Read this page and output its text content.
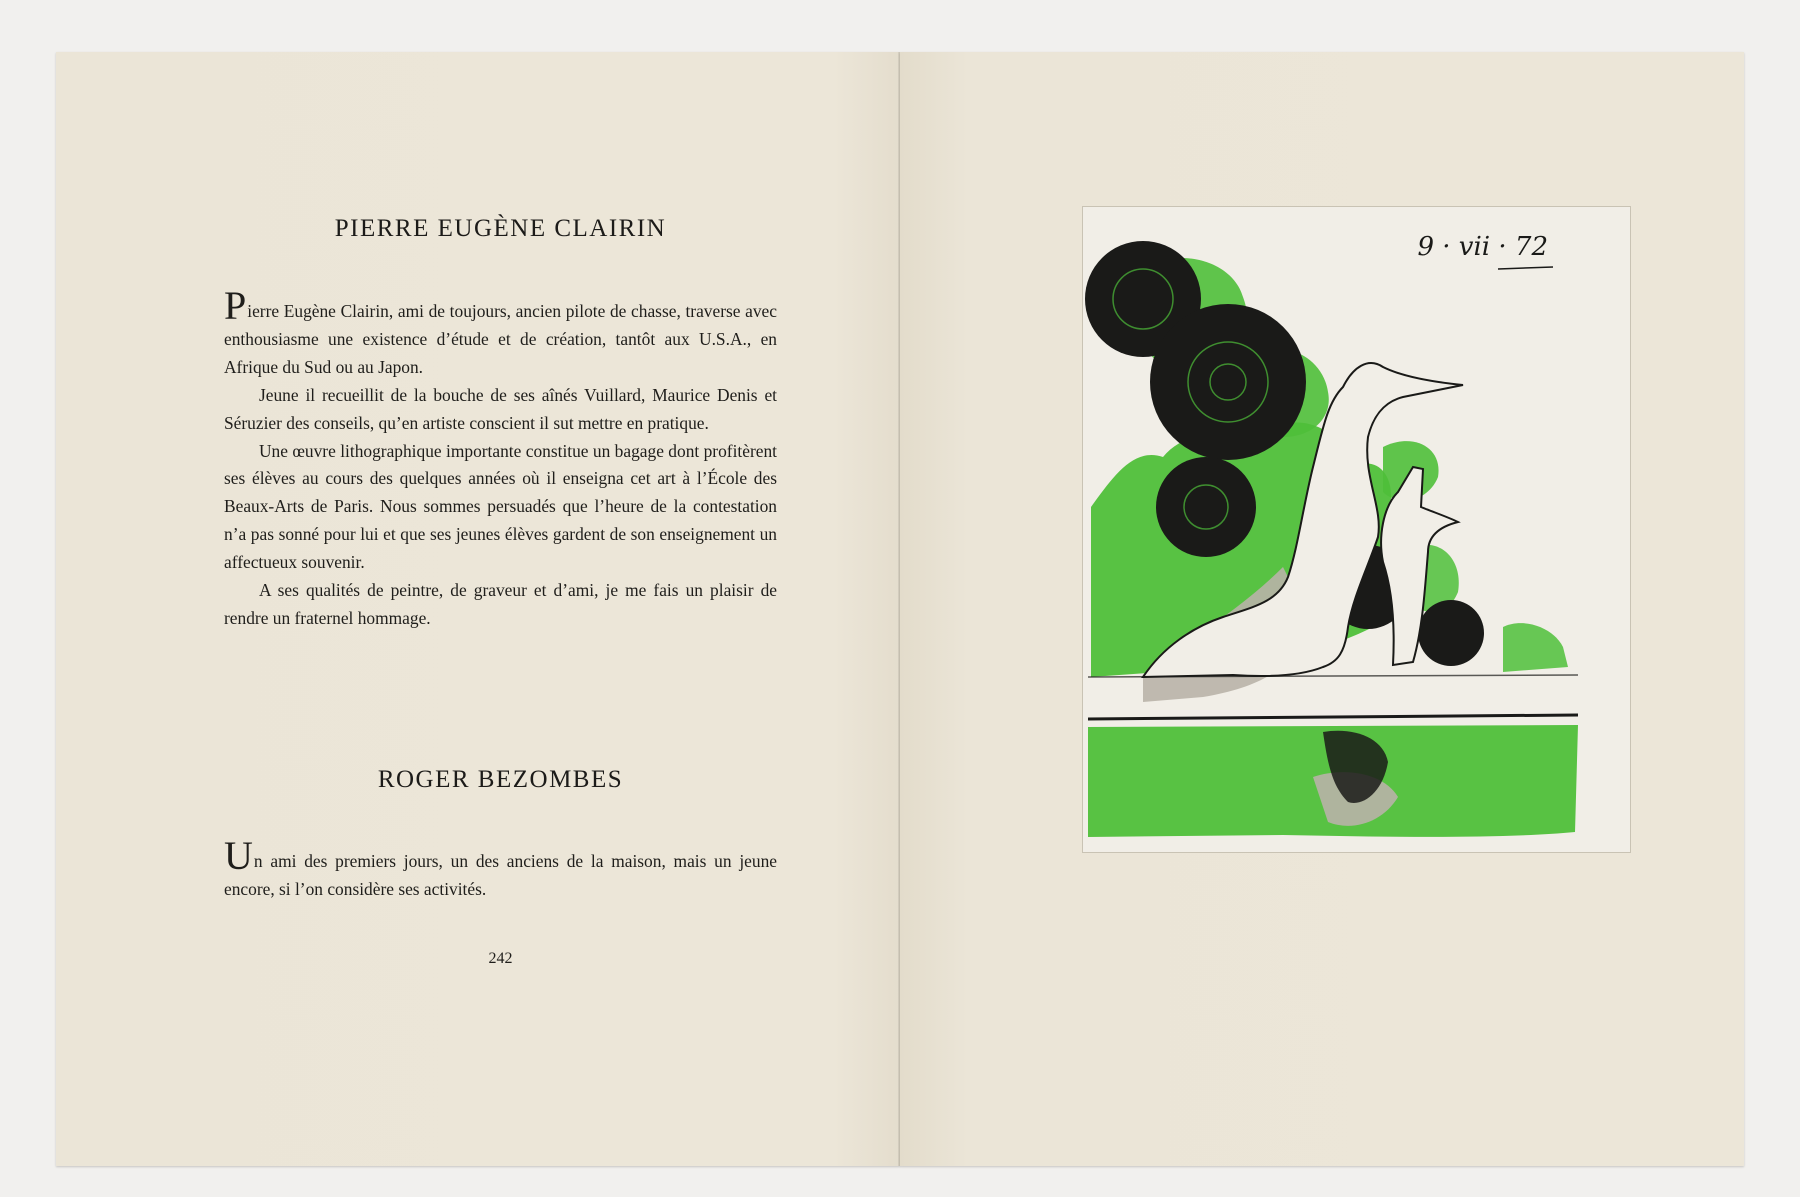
PIERRE EUGÈNE CLAIRIN

Pierre Eugène Clairin, ami de toujours, ancien pilote de chasse, traverse avec enthousiasme une existence d’étude et de création, tantôt aux U.S.A., en Afrique du Sud ou au Japon.

Jeune il recueillit de la bouche de ses aînés Vuillard, Maurice Denis et Séruzier des conseils, qu’en artiste conscient il sut mettre en pratique.

Une œuvre lithographique importante constitue un bagage dont profitèrent ses élèves au cours des quelques années où il enseigna cet art à l’École des Beaux-Arts de Paris. Nous sommes persuadés que l’heure de la contestation n’a pas sonné pour lui et que ses jeunes élèves gardent de son enseignement un affectueux souvenir.

A ses qualités de peintre, de graveur et d’ami, je me fais un plaisir de rendre un fraternel hommage.

ROGER BEZOMBES

Un ami des premiers jours, un des anciens de la maison, mais un jeune encore, si l’on considère ses activités.

242
9 · vii · 72
